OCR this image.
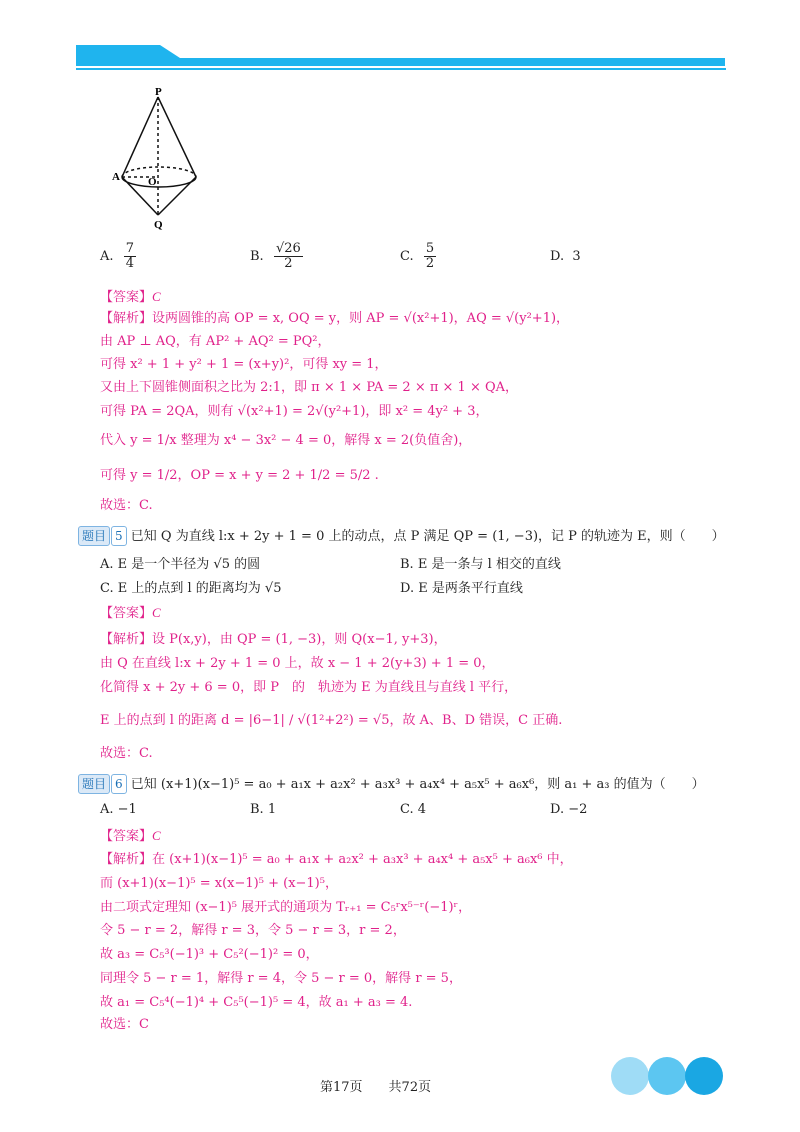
P
A	O
Q
A. $\frac{7}{4}$	B. $\frac{√26}{2}$	C. $\frac{5}{2}$	D. 3
【答案】C
【解析】设两圆锥的高 OP = x, OQ = y，则 AP = √(x²+1)，AQ = √(y²+1)，
由 AP ⊥ AQ，有 AP² + AQ² = PQ²，
可得 x² + 1 + y² + 1 = (x+y)²，可得 xy = 1，
又由上下圆锥侧面积之比为 2:1，即 π × 1 × PA = 2 × π × 1 × QA，
可得 PA = 2QA，则有 √(x²+1) = 2√(y²+1)，即 x² = 4y² + 3，
代入 y = 1/x 整理为 x⁴ − 3x² − 4 = 0，解得 x = 2(负值舍)，
可得 y = 1/2，OP = x + y = 2 + 1/2 = 5/2 .
故选：C.
题目 5 已知 Q 为直线 l:x + 2y + 1 = 0 上的动点，点 P 满足 QP = (1, −3)，记 P 的轨迹为 E，则（　　）
A. E 是一个半径为 √5 的圆	B. E 是一条与 l 相交的直线
C. E 上的点到 l 的距离均为 √5	D. E 是两条平行直线
【答案】C
【解析】设 P(x,y)，由 QP = (1, −3)，则 Q(x−1, y+3)，
由 Q 在直线 l:x + 2y + 1 = 0 上，故 x − 1 + 2(y+3) + 1 = 0，
化简得 x + 2y + 6 = 0，即 P　的　轨迹为 E 为直线且与直线 l 平行，
E 上的点到 l 的距离 d = |6−1| / √(1²+2²) = √5，故 A、B、D 错误，C 正确.
故选：C.
题目 6 已知 (x+1)(x−1)⁵ = a₀ + a₁x + a₂x² + a₃x³ + a₄x⁴ + a₅x⁵ + a₆x⁶，则 a₁ + a₃ 的值为（　　）
A. −1	B. 1	C. 4	D. −2
【答案】C
【解析】在 (x+1)(x−1)⁵ = a₀ + a₁x + a₂x² + a₃x³ + a₄x⁴ + a₅x⁵ + a₆x⁶ 中，
而 (x+1)(x−1)⁵ = x(x−1)⁵ + (x−1)⁵，
由二项式定理知 (x−1)⁵ 展开式的通项为 Tᵣ₊₁ = C₅ʳx⁵⁻ʳ(−1)ʳ，
令 5 − r = 2，解得 r = 3，令 5 − r = 3，r = 2，
故 a₃ = C₅³(−1)³ + C₅²(−1)² = 0，
同理令 5 − r = 1，解得 r = 4，令 5 − r = 0，解得 r = 5，
故 a₁ = C₅⁴(−1)⁴ + C₅⁵(−1)⁵ = 4，故 a₁ + a₃ = 4.
故选：C
第17页　　共72页
